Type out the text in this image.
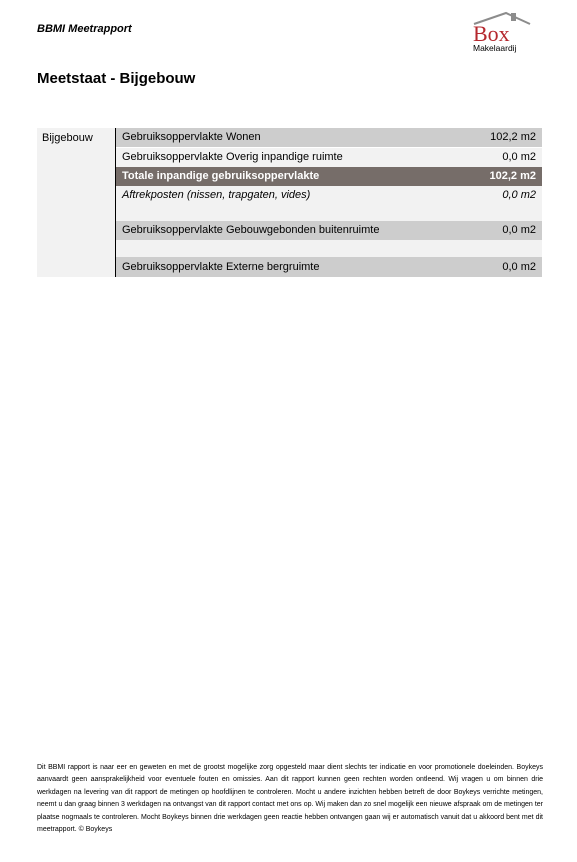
BBMI Meetrapport	Box
Makelaardij
Meetstaat - Bijgebouw
Bijgebouw	Gebruiksoppervlakte Wonen	102,2 m2
Gebruiksoppervlakte Overig inpandige ruimte	0,0 m2
Totale inpandige gebruiksoppervlakte	102,2 m2
Aftrekposten (nissen, trapgaten, vides)	0,0 m2
Gebruiksoppervlakte Gebouwgebonden buitenruimte	0,0 m2
Gebruiksoppervlakte Externe bergruimte	0,0 m2
Dit BBMI rapport is naar eer en geweten en met de grootst mogelijke zorg opgesteld maar dient slechts ter indicatie en voor promotionele doeleinden. Boykeys aanvaardt geen aansprakelijkheid voor eventuele fouten en omissies. Aan dit rapport kunnen geen rechten worden ontleend. Wij vragen u om binnen drie werkdagen na levering van dit rapport de metingen op hoofdlijnen te controleren. Mocht u andere inzichten hebben betreft de door Boykeys verrichte metingen, neemt u dan graag binnen 3 werkdagen na ontvangst van dit rapport contact met ons op. Wij maken dan zo snel mogelijk een nieuwe afspraak om de metingen ter plaatse nogmaals te controleren. Mocht Boykeys binnen drie werkdagen geen reactie hebben ontvangen gaan wij er automatisch vanuit dat u akkoord bent met dit meetrapport. © Boykeys
